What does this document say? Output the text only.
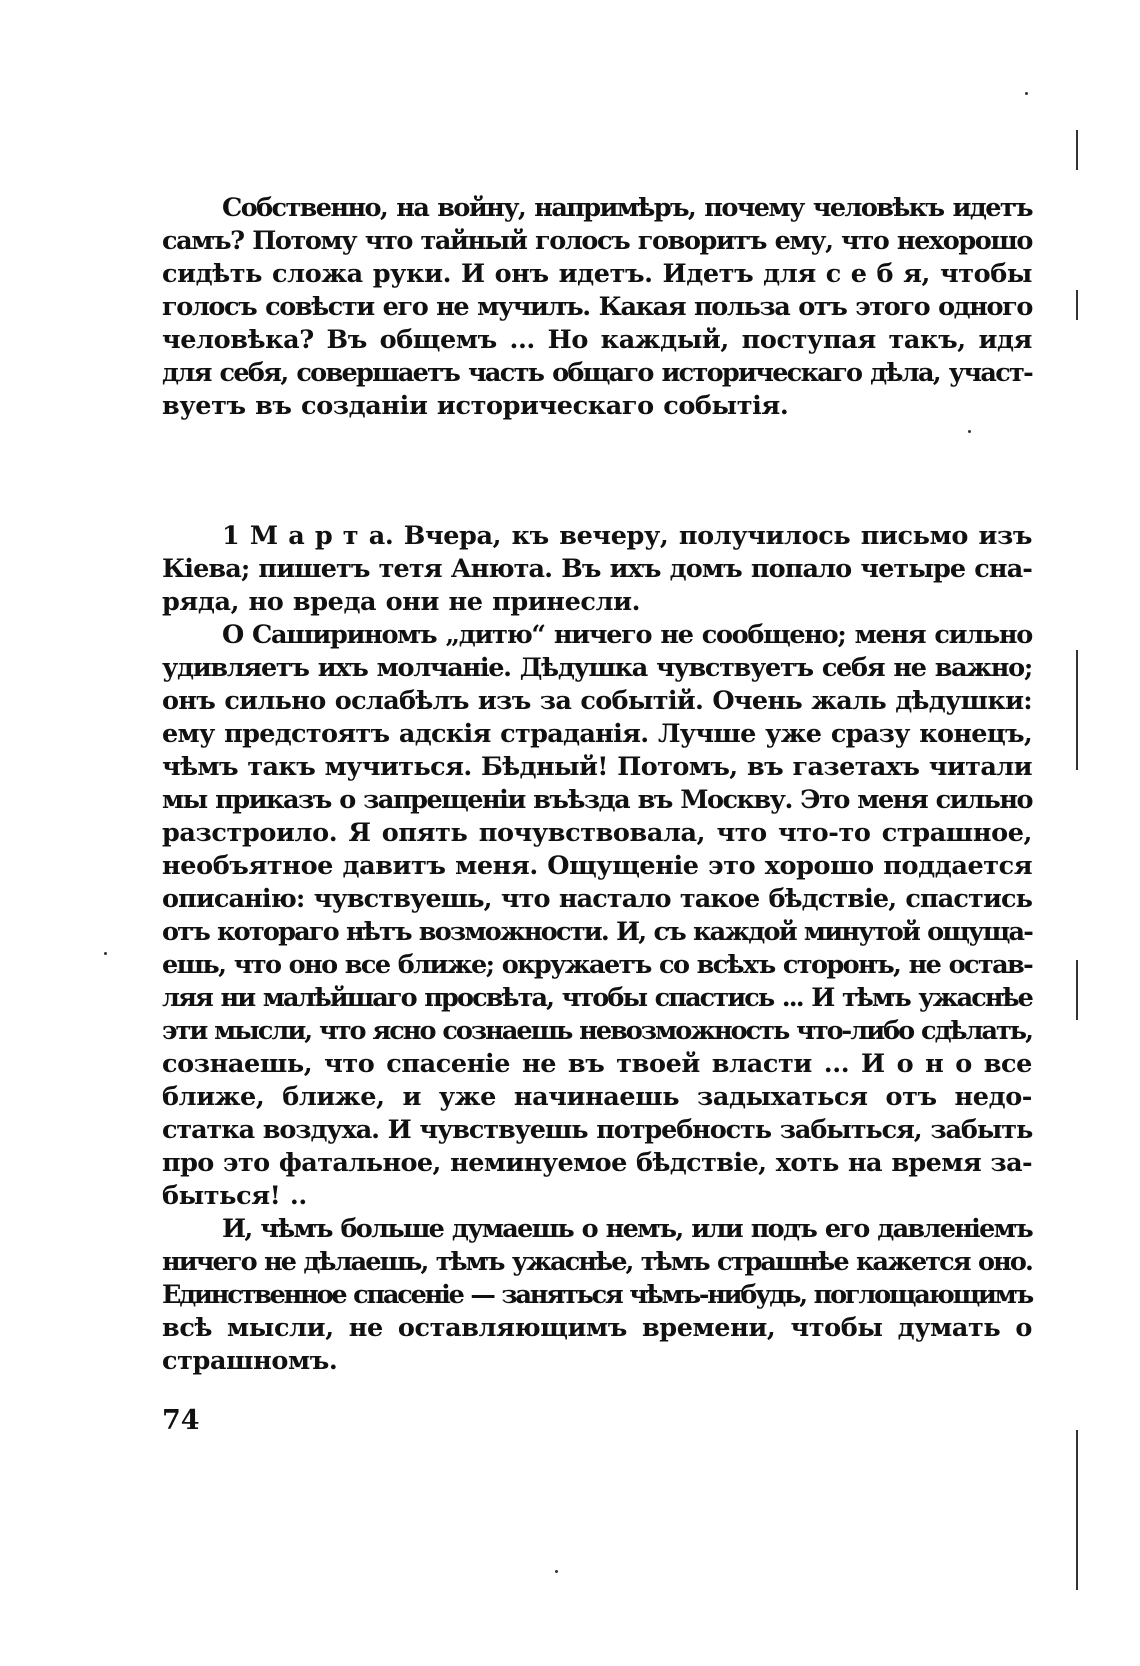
Собственно, на войну, напримѣръ, почему человѣкъ идетъ
самъ? Потому что тайный голосъ говоритъ ему, что нехорошо
сидѣть сложа руки. И онъ идетъ. Идетъ для с е б я, чтобы
голосъ совѣсти его не мучилъ. Какая польза отъ этого одного
человѣка? Въ общемъ ... Но каждый, поступая такъ, идя
для себя, совершаетъ часть общаго историческаго дѣла, участ-
вуетъ въ созданіи историческаго событія.
1 М а р т а. Вчера, къ вечеру, получилось письмо изъ
Кіева; пишетъ тетя Анюта. Въ ихъ домъ попало четыре сна-
ряда, но вреда они не принесли.
О Сашириномъ „дитю“ ничего не сообщено; меня сильно
удивляетъ ихъ молчаніе. Дѣдушка чувствуетъ себя не важно;
онъ сильно ослабѣлъ изъ за событій. Очень жаль дѣдушки:
ему предстоятъ адскія страданія. Лучше уже сразу конецъ,
чѣмъ такъ мучиться. Бѣдный! Потомъ, въ газетахъ читали
мы приказъ о запрещеніи въѣзда въ Москву. Это меня сильно
разстроило. Я опять почувствовала, что что-то страшное,
необъятное давитъ меня. Ощущеніе это хорошо поддается
описанію: чувствуешь, что настало такое бѣдствіе, спастись
отъ котораго нѣтъ возможности. И, съ каждой минутой ощуща-
ешь, что оно все ближе; окружаетъ со всѣхъ сторонъ, не остав-
ляя ни малѣйшаго просвѣта, чтобы спастись ... И тѣмъ ужаснѣе
эти мысли, что ясно сознаешь невозможность что-либо сдѣлать,
сознаешь, что спасеніе не въ твоей власти ... И о н о все
ближе, ближе, и уже начинаешь задыхаться отъ недо-
статка воздуха. И чувствуешь потребность забыться, забыть
про это фатальное, неминуемое бѣдствіе, хоть на время за-
быться! ..
И, чѣмъ больше думаешь о немъ, или подъ его давленіемъ
ничего не дѣлаешь, тѣмъ ужаснѣе, тѣмъ страшнѣе кажется оно.
Единственное спасеніе — заняться чѣмъ-нибудь, поглощающимъ
всѣ мысли, не оставляющимъ времени, чтобы думать о
страшномъ.
74
